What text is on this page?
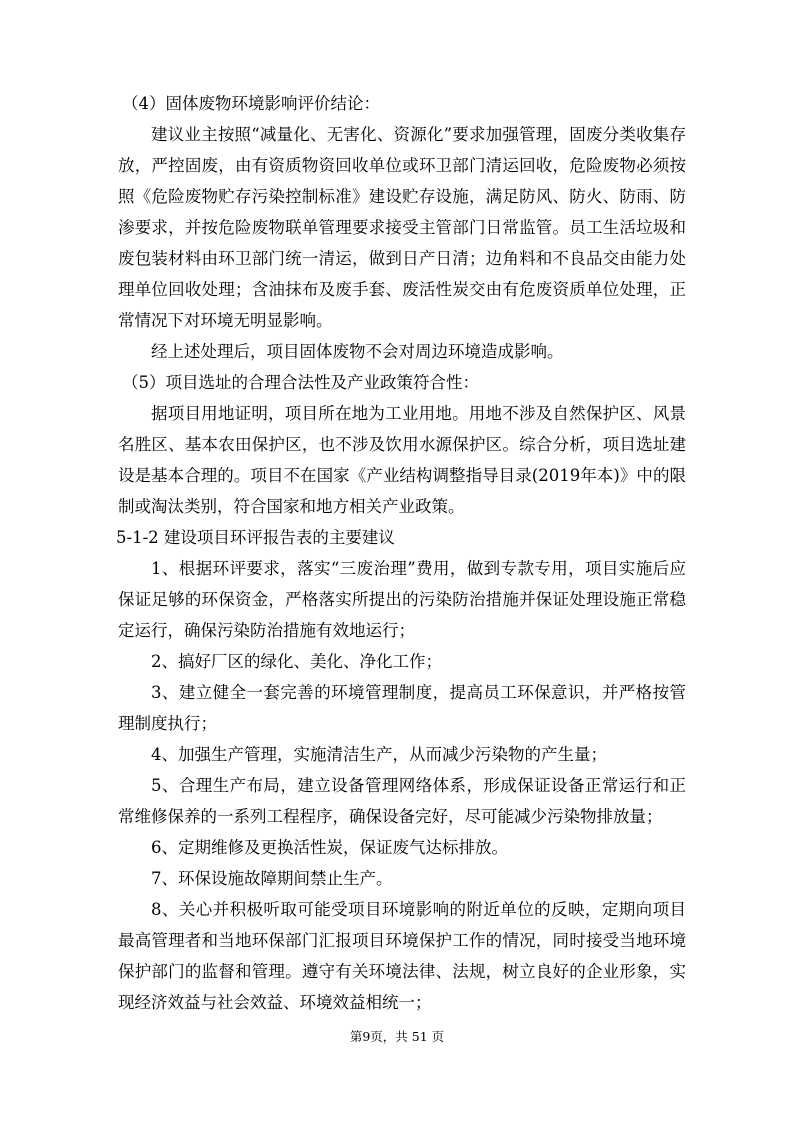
（4）固体废物环境影响评价结论：

建议业主按照“减量化、无害化、资源化”要求加强管理，固废分类收集存放，严控固废，由有资质物资回收单位或环卫部门清运回收，危险废物必须按照《危险废物贮存污染控制标准》建设贮存设施，满足防风、防火、防雨、防渗要求，并按危险废物联单管理要求接受主管部门日常监管。员工生活垃圾和废包装材料由环卫部门统一清运，做到日产日清；边角料和不良品交由能力处理单位回收处理；含油抹布及废手套、废活性炭交由有危废资质单位处理，正常情况下对环境无明显影响。

经上述处理后，项目固体废物不会对周边环境造成影响。

（5）项目选址的合理合法性及产业政策符合性：

据项目用地证明，项目所在地为工业用地。用地不涉及自然保护区、风景名胜区、基本农田保护区，也不涉及饮用水源保护区。综合分析，项目选址建设是基本合理的。项目不在国家《产业结构调整指导目录(2019年本)》中的限制或淘汰类别，符合国家和地方相关产业政策。

5-1-2 建设项目环评报告表的主要建议

1、根据环评要求，落实“三废治理”费用，做到专款专用，项目实施后应保证足够的环保资金，严格落实所提出的污染防治措施并保证处理设施正常稳定运行，确保污染防治措施有效地运行；

2、搞好厂区的绿化、美化、净化工作；

3、建立健全一套完善的环境管理制度，提高员工环保意识，并严格按管理制度执行；

4、加强生产管理，实施清洁生产，从而减少污染物的产生量；

5、合理生产布局，建立设备管理网络体系，形成保证设备正常运行和正常维修保养的一系列工程程序，确保设备完好，尽可能减少污染物排放量；

6、定期维修及更换活性炭，保证废气达标排放。

7、环保设施故障期间禁止生产。

8、关心并积极听取可能受项目环境影响的附近单位的反映，定期向项目最高管理者和当地环保部门汇报项目环境保护工作的情况，同时接受当地环境保护部门的监督和管理。遵守有关环境法律、法规，树立良好的企业形象，实现经济效益与社会效益、环境效益相统一；

第9页，共 51 页
